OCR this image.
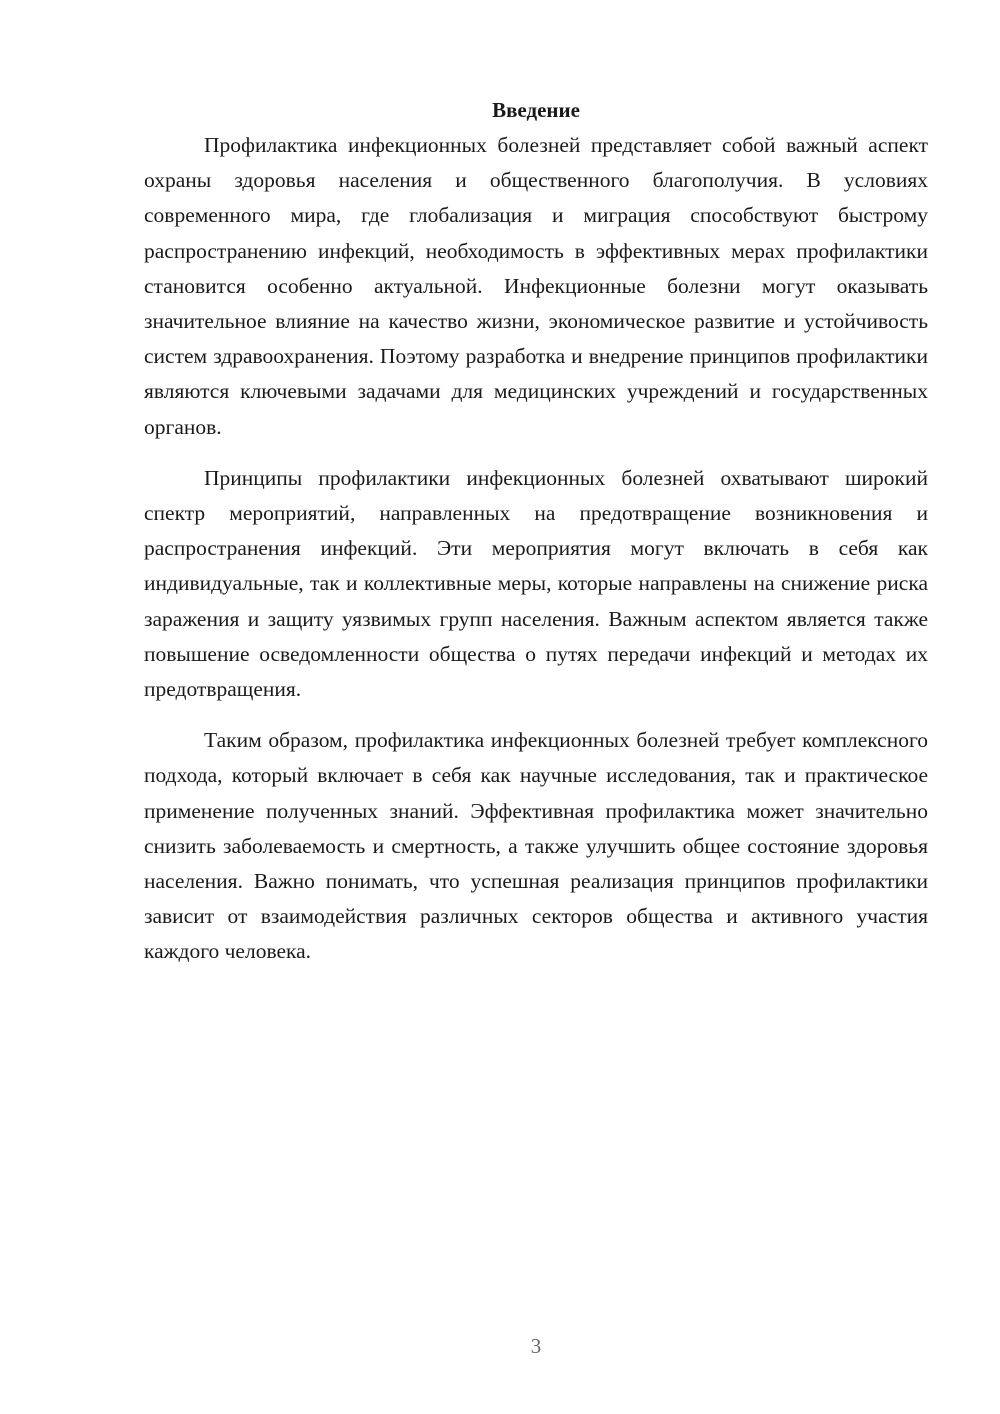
Введение

Профилактика инфекционных болезней представляет собой важный аспект охраны здоровья населения и общественного благополучия. В условиях современного мира, где глобализация и миграция способствуют быстрому распространению инфекций, необходимость в эффективных мерах профилактики становится особенно актуальной. Инфекционные болезни могут оказывать значительное влияние на качество жизни, экономическое развитие и устойчивость систем здравоохранения. Поэтому разработка и внедрение принципов профилактики являются ключевыми задачами для медицинских учреждений и государственных органов.

Принципы профилактики инфекционных болезней охватывают широкий спектр мероприятий, направленных на предотвращение возникновения и распространения инфекций. Эти мероприятия могут включать в себя как индивидуальные, так и коллективные меры, которые направлены на снижение риска заражения и защиту уязвимых групп населения. Важным аспектом является также повышение осведомленности общества о путях передачи инфекций и методах их предотвращения.

Таким образом, профилактика инфекционных болезней требует комплексного подхода, который включает в себя как научные исследования, так и практическое применение полученных знаний. Эффективная профилактика может значительно снизить заболеваемость и смертность, а также улучшить общее состояние здоровья населения. Важно понимать, что успешная реализация принципов профилактики зависит от взаимодействия различных секторов общества и активного участия каждого человека.

3
